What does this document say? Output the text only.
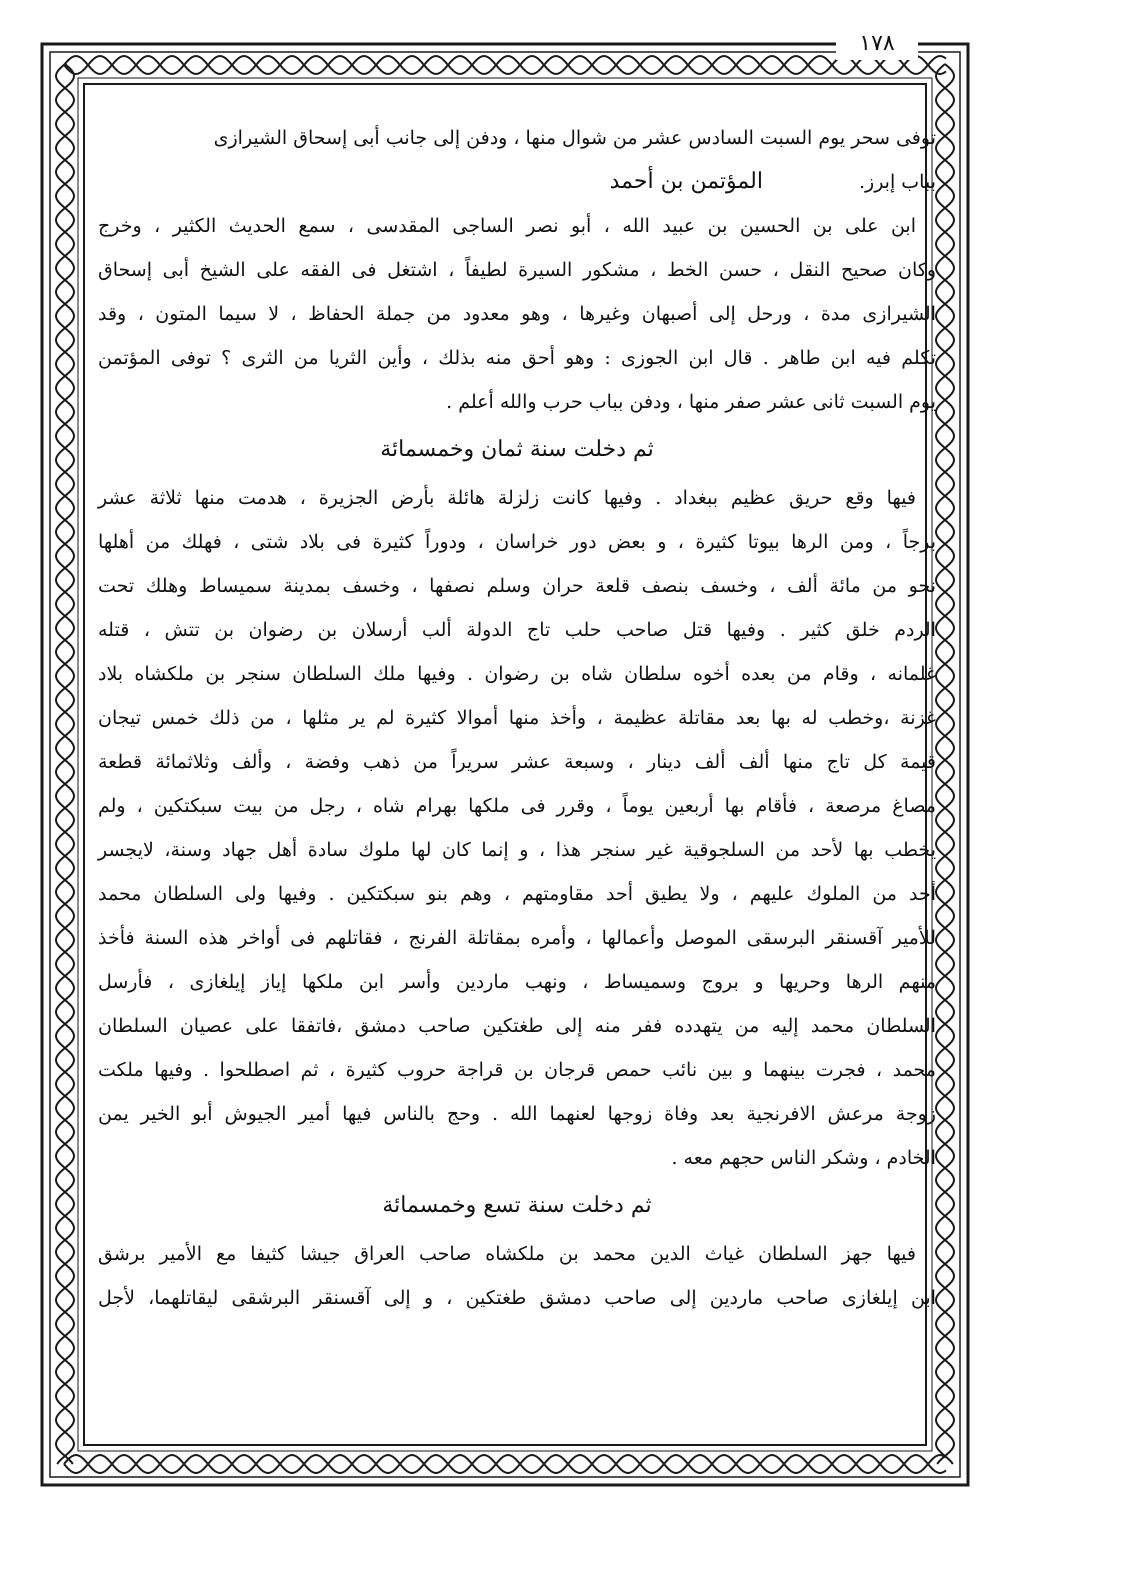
١٧٨
توفى سحر يوم السبت السادس عشر من شوال منها ، ودفن إلى جانب أبى إسحاق الشيرازى
بباب إبرز. المؤتمن بن أحمد
ابن على بن الحسين بن عبيد الله ، أبو نصر الساجى المقدسى ، سمع الحديث الكثير ، وخرج
وكان صحيح النقل ، حسن الخط ، مشكور السيرة لطيفاً ، اشتغل فى الفقه على الشيخ أبى إسحاق
الشيرازى مدة ، ورحل إلى أصبهان وغيرها ، وهو معدود من جملة الحفاظ ، لا سيما المتون ، وقد
تكلم فيه ابن طاهر . قال ابن الجوزى : وهو أحق منه بذلك ، وأين الثريا من الثرى ؟ توفى المؤتمن
يوم السبت ثانى عشر صفر منها ، ودفن بباب حرب والله أعلم .
ثم دخلت سنة ثمان وخمسمائة
فيها وقع حريق عظيم ببغداد . وفيها كانت زلزلة هائلة بأرض الجزيرة ، هدمت منها ثلاثة عشر
برجاً ، ومن الرها بيوتا كثيرة ، و بعض دور خراسان ، ودوراً كثيرة فى بلاد شتى ، فهلك من أهلها
نحو من مائة ألف ، وخسف بنصف قلعة حران وسلم نصفها ، وخسف بمدينة سميساط وهلك تحت
الردم خلق كثير . وفيها قتل صاحب حلب تاج الدولة ألب أرسلان بن رضوان بن تتش ، قتله
غلمانه ، وقام من بعده أخوه سلطان شاه بن رضوان . وفيها ملك السلطان سنجر بن ملكشاه بلاد
غزنة ،وخطب له بها بعد مقاتلة عظيمة ، وأخذ منها أموالا كثيرة لم ير مثلها ، من ذلك خمس تيجان
قيمة كل تاج منها ألف ألف دينار ، وسبعة عشر سريراً من ذهب وفضة ، وألف وثلاثمائة قطعة
مصاغ مرصعة ، فأقام بها أربعين يوماً ، وقرر فى ملكها بهرام شاه ، رجل من بيت سبكتكين ، ولم
يخطب بها لأحد من السلجوقية غير سنجر هذا ، و إنما كان لها ملوك سادة أهل جهاد وسنة، لايجسر
أحد من الملوك عليهم ، ولا يطيق أحد مقاومتهم ، وهم بنو سبكتكين . وفيها ولى السلطان محمد
للأمير آقسنقر البرسقى الموصل وأعمالها ، وأمره بمقاتلة الفرنج ، فقاتلهم فى أواخر هذه السنة فأخذ
منهم الرها وحريها و بروج وسميساط ، ونهب ماردين وأسر ابن ملكها إياز إيلغازى ، فأرسل
السلطان محمد إليه من يتهدده ففر منه إلى طغتكين صاحب دمشق ،فاتفقا على عصيان السلطان
محمد ، فجرت بينهما و بين نائب حمص قرجان بن قراجة حروب كثيرة ، ثم اصطلحوا . وفيها ملكت
زوجة مرعش الافرنجية بعد وفاة زوجها لعنهما الله . وحج بالناس فيها أمير الجيوش أبو الخير يمن
الخادم ، وشكر الناس حجهم معه .
ثم دخلت سنة تسع وخمسمائة
فيها جهز السلطان غياث الدين محمد بن ملكشاه صاحب العراق جيشا كثيفا مع الأمير برشق
ابن إيلغازى صاحب ماردين إلى صاحب دمشق طغتكين ، و إلى آقسنقر البرشقى ليقاتلهما، لأجل
